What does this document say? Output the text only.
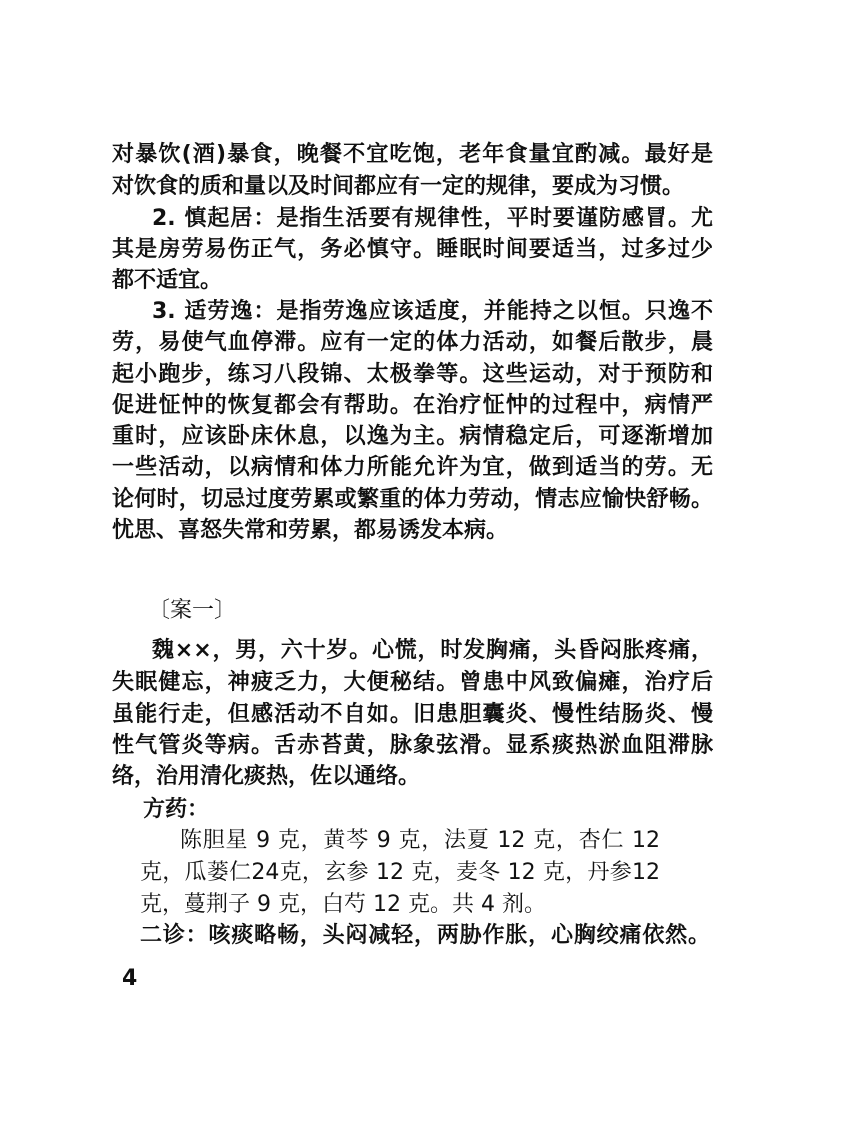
对暴饮(酒)暴食，晚餐不宜吃饱，老年食量宜酌减。最好是
对饮食的质和量以及时间都应有一定的规律，要成为习惯。
2. 慎起居：是指生活要有规律性，平时要谨防感冒。尤
其是房劳易伤正气，务必慎守。睡眠时间要适当，过多过少
都不适宜。
3. 适劳逸：是指劳逸应该适度，并能持之以恒。只逸不
劳，易使气血停滞。应有一定的体力活动，如餐后散步，晨
起小跑步，练习八段锦、太极拳等。这些运动，对于预防和
促进怔忡的恢复都会有帮助。在治疗怔忡的过程中，病情严
重时，应该卧床休息，以逸为主。病情稳定后，可逐渐增加
一些活动，以病情和体力所能允许为宜，做到适当的劳。无
论何时，切忌过度劳累或繁重的体力劳动，情志应愉快舒畅。
忧思、喜怒失常和劳累，都易诱发本病。
〔案一〕
魏××，男，六十岁。心慌，时发胸痛，头昏闷胀疼痛，
失眠健忘，神疲乏力，大便秘结。曾患中风致偏瘫，治疗后
虽能行走，但感活动不自如。旧患胆囊炎、慢性结肠炎、慢
性气管炎等病。舌赤苔黄，脉象弦滑。显系痰热淤血阻滞脉
络，治用清化痰热，佐以通络。
方药：
陈胆星 9 克，黄芩 9 克，法夏 12 克，杏仁 12
克，瓜蒌仁24克，玄参 12 克，麦冬 12 克，丹参12
克，蔓荆子 9 克，白芍 12 克。共 4 剂。
二诊：咳痰略畅，头闷减轻，两胁作胀，心胸绞痛依然。
4
